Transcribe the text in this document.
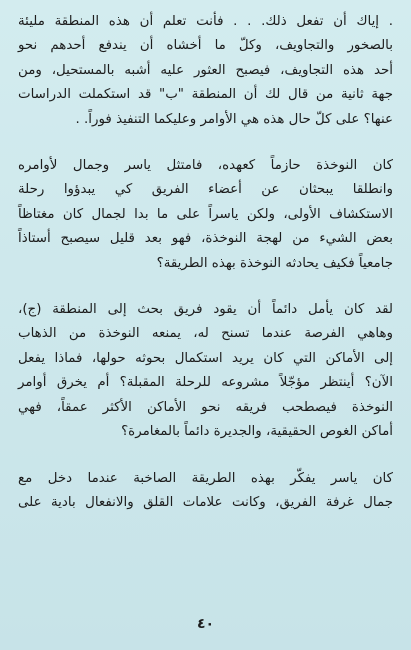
. إياك أن تفعل ذلك. . . فأنت تعلم أن هذه المنطقة مليئة
بالصخور والتجاويف، وكلّ ما أخشاه أن يندفع أحدهم نحو
أحد هذه التجاويف، فيصبح العثور عليه أشبه بالمستحيل، ومن
جهة ثانية من قال لك أن المنطقة "ب" قد استكملت الدراسات
عنها؟ على كلّ حال هذه هي الأوامر وعليكما التنفيذ فوراً. .

كان النوخذة حازماً كعهده، فامتثل ياسر وجمال لأوامره
وانطلقا يبحثان عن أعضاء الفريق كي يبدؤوا رحلة
الاستكشاف الأولى، ولكن ياسراً على ما بدا لجمال كان مغتاظاً
بعض الشيء من لهجة النوخذة، فهو بعد قليل سيصبح أستاذاً
جامعياً فكيف يحادثه النوخذة بهذه الطريقة؟

لقد كان يأمل دائماً أن يقود فريق بحث إلى المنطقة (ج)،
وهاهي الفرصة عندما تسنح له، يمنعه النوخذة من الذهاب
إلى الأماكن التي كان يريد استكمال بحوثه حولها، فماذا يفعل
الآن؟ أينتظر مؤجّلاً مشروعه للرحلة المقبلة؟ أم يخرق أوامر
النوخذة فيصطحب فريقه نحو الأماكن الأكثر عمقاً، فهي
أماكن الغوص الحقيقية، والجديرة دائماً بالمغامرة؟

كان ياسر يفكّر بهذه الطريقة الصاخبة عندما دخل مع
جمال غرفة الفريق، وكانت علامات القلق والانفعال بادية على

٤٠
